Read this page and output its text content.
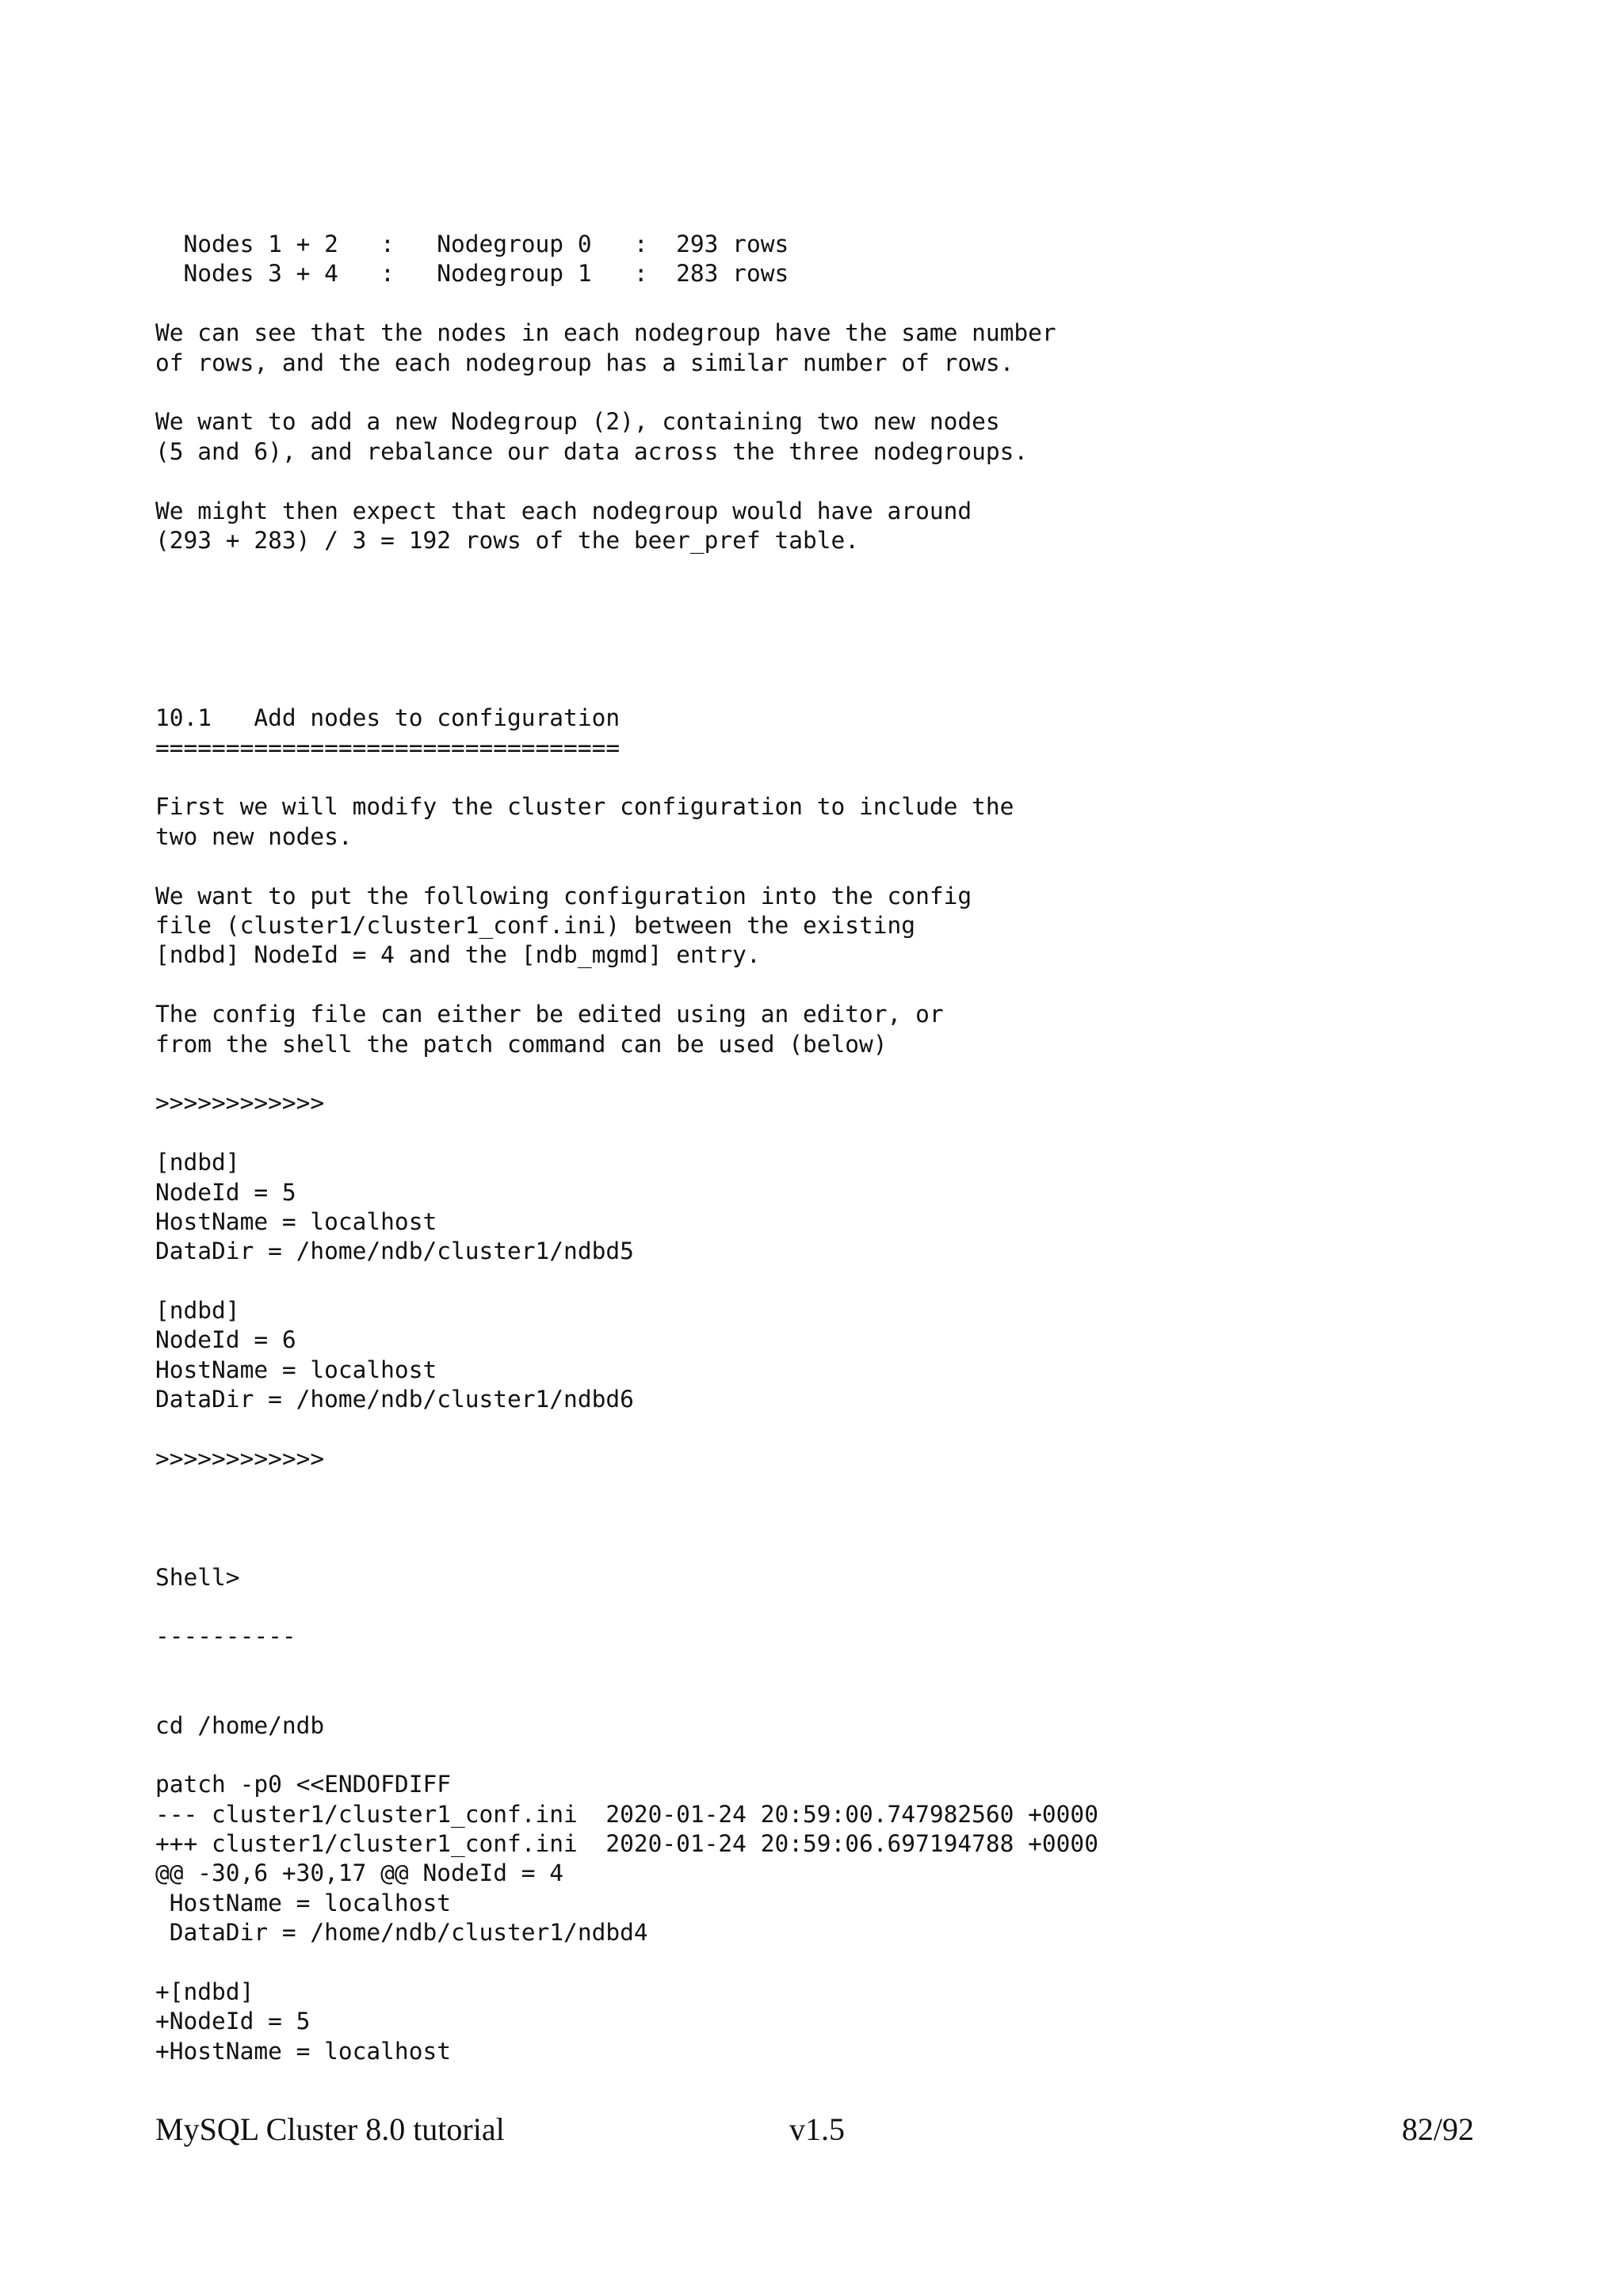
Nodes 1 + 2   :   Nodegroup 0   :  293 rows
Nodes 3 + 4   :   Nodegroup 1   :  283 rows
We can see that the nodes in each nodegroup have the same number
of rows, and the each nodegroup has a similar number of rows.
We want to add a new Nodegroup (2), containing two new nodes
(5 and 6), and rebalance our data across the three nodegroups.
We might then expect that each nodegroup would have around
(293 + 283) / 3 = 192 rows of the beer_pref table.
10.1   Add nodes to configuration
=================================
First we will modify the cluster configuration to include the
two new nodes.
We want to put the following configuration into the config
file (cluster1/cluster1_conf.ini) between the existing
[ndbd] NodeId = 4 and the [ndb_mgmd] entry.
The config file can either be edited using an editor, or
from the shell the patch command can be used (below)
>>>>>>>>>>>>
[ndbd]
NodeId = 5
HostName = localhost
DataDir = /home/ndb/cluster1/ndbd5
[ndbd]
NodeId = 6
HostName = localhost
DataDir = /home/ndb/cluster1/ndbd6
>>>>>>>>>>>>
Shell>
----------
cd /home/ndb
patch -p0 <<ENDOFDIFF
--- cluster1/cluster1_conf.ini  2020-01-24 20:59:00.747982560 +0000
+++ cluster1/cluster1_conf.ini  2020-01-24 20:59:06.697194788 +0000
@@ -30,6 +30,17 @@ NodeId = 4
HostName = localhost
DataDir = /home/ndb/cluster1/ndbd4
+[ndbd]
+NodeId = 5
+HostName = localhost
MySQL Cluster 8.0 tutorial	v1.5	82/92
